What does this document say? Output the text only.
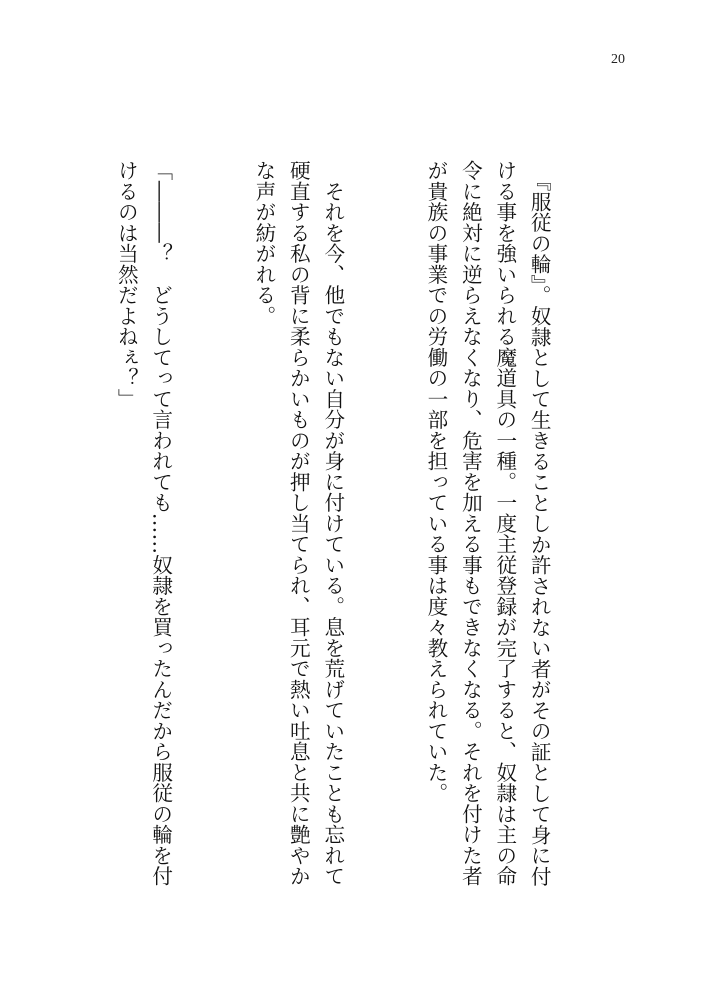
20

　『服従の輪』。奴隷として生きることしか許されない者がその証として身に付ける事を強いられる魔道具の一種。一度主従登録が完了すると、奴隷は主の命令に絶対に逆らえなくなり、危害を加える事もできなくなる。それを付けた者が貴族の事業での労働の一部を担っている事は度々教えられていた。

　それを今、他でもない自分が身に付けている。息を荒げていたことも忘れて硬直する私の背に柔らかいものが押し当てられ、耳元で熱い吐息と共に艶やかな声が紡がれる。

「―――？　どうしてって言われても……奴隷を買ったんだから服従の輪を付けるのは当然だよねぇ？」
